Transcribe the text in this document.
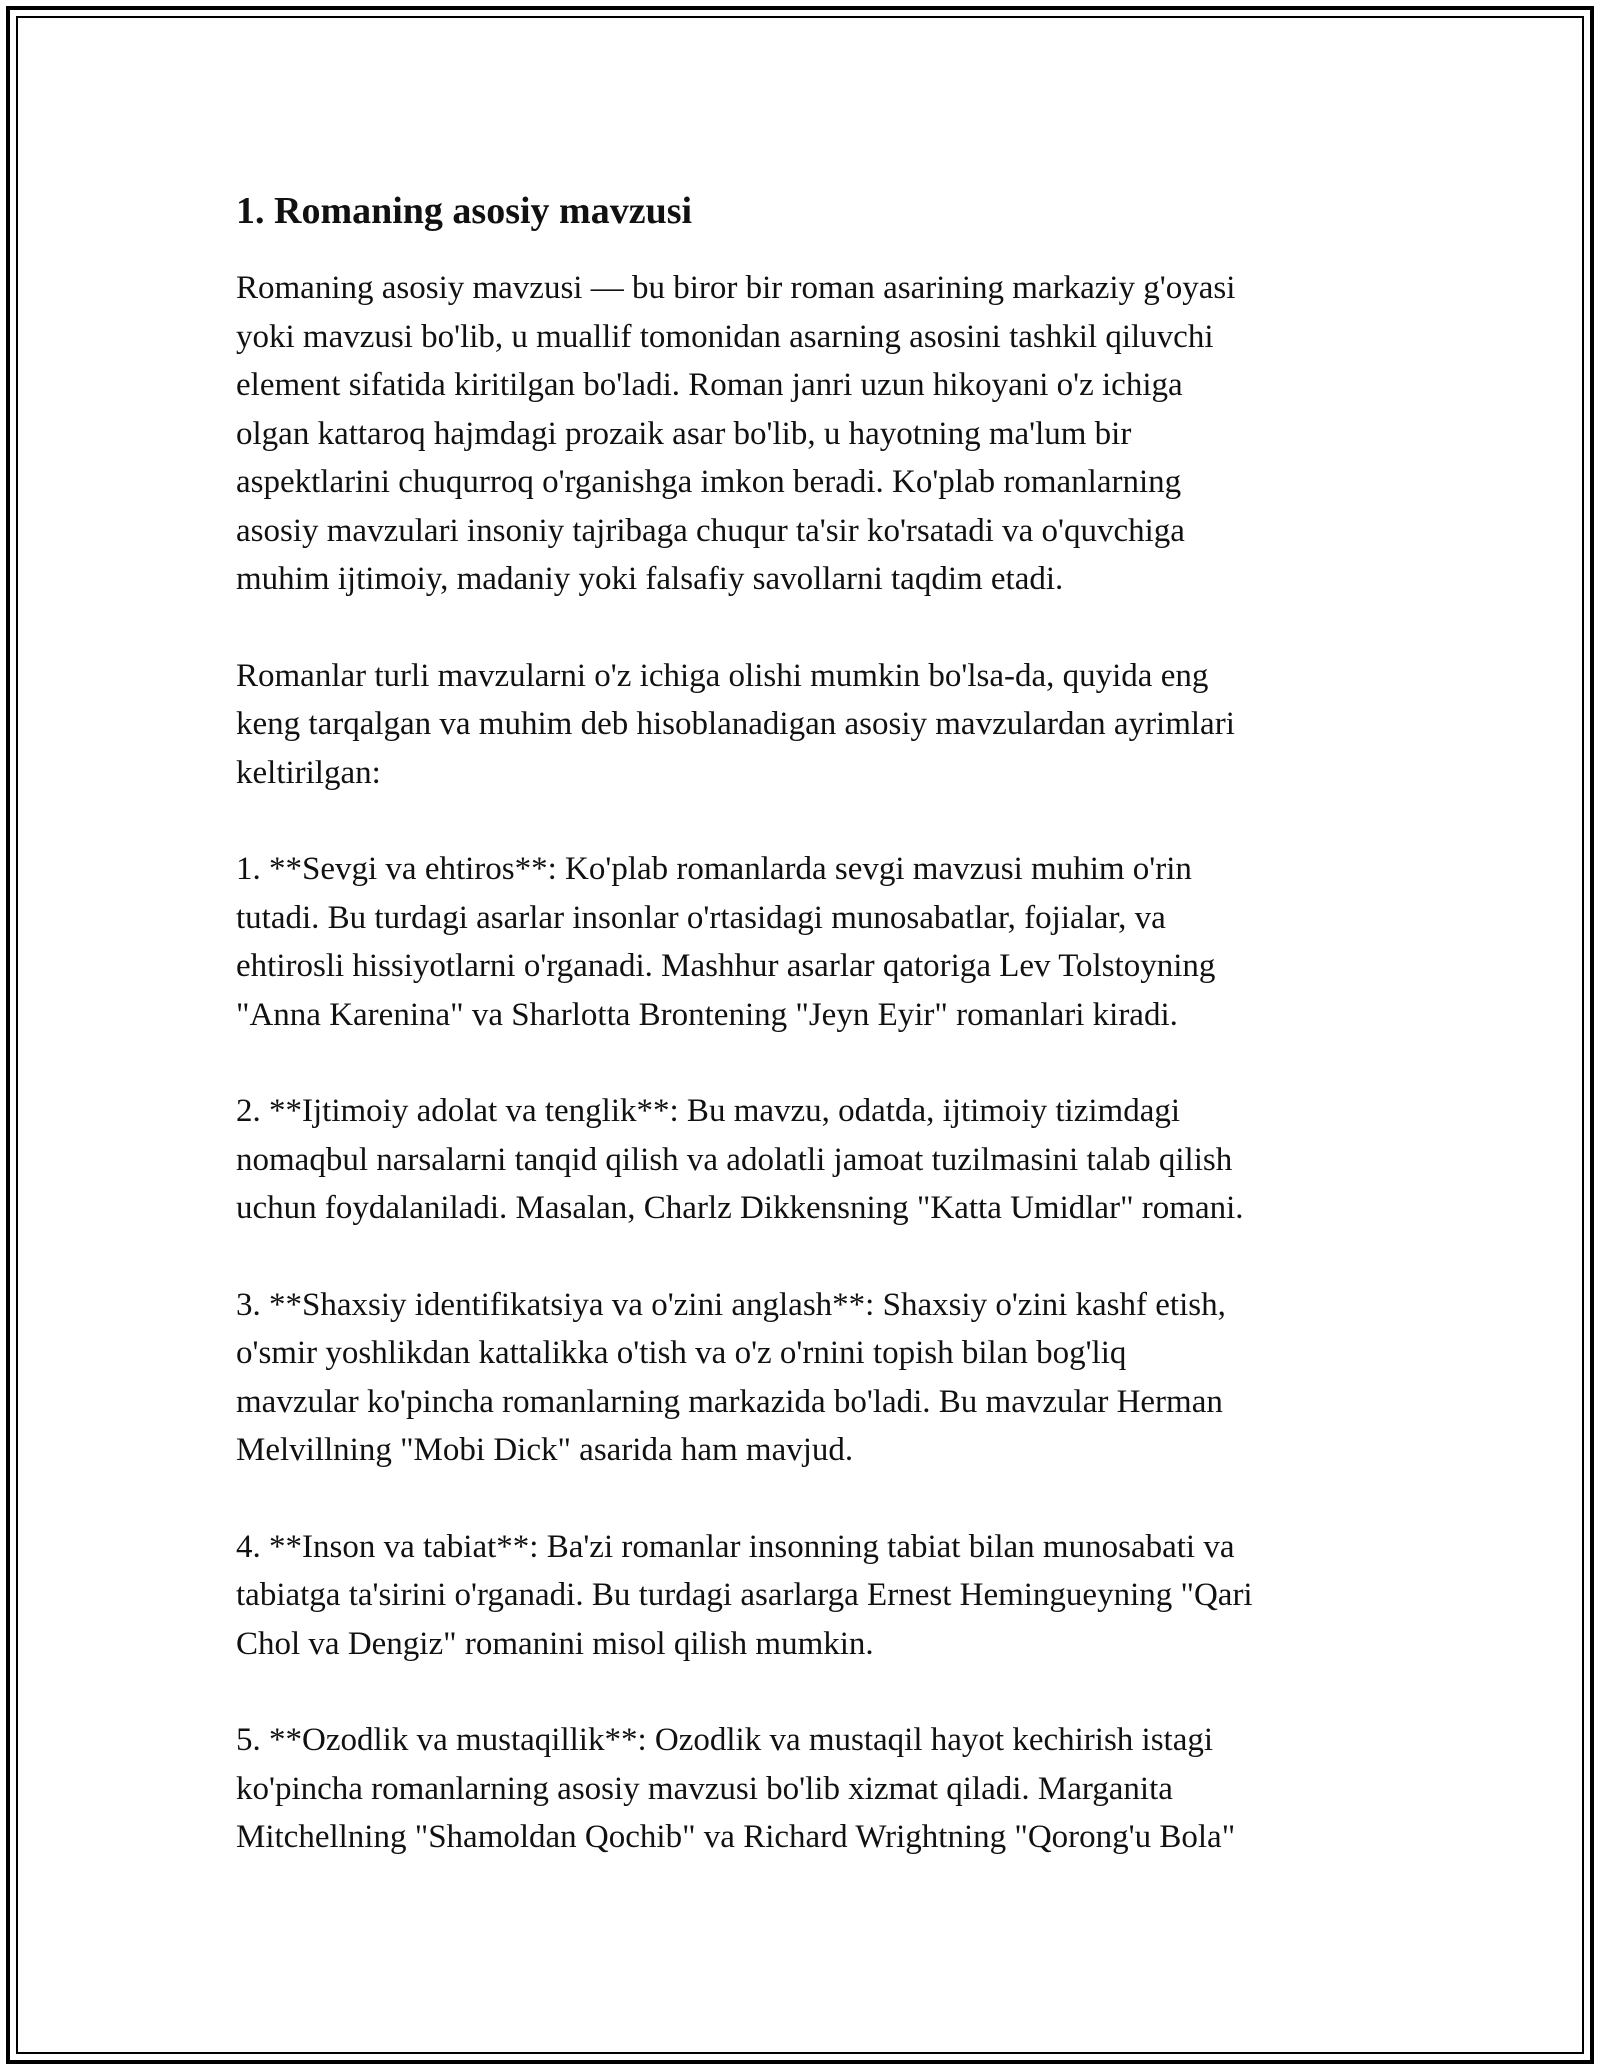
1. Romaning asosiy mavzusi

Romaning asosiy mavzusi — bu biror bir roman asarining markaziy g'oyasi
yoki mavzusi bo'lib, u muallif tomonidan asarning asosini tashkil qiluvchi
element sifatida kiritilgan bo'ladi. Roman janri uzun hikoyani o'z ichiga
olgan kattaroq hajmdagi prozaik asar bo'lib, u hayotning ma'lum bir
aspektlarini chuqurroq o'rganishga imkon beradi. Ko'plab romanlarning
asosiy mavzulari insoniy tajribaga chuqur ta'sir ko'rsatadi va o'quvchiga
muhim ijtimoiy, madaniy yoki falsafiy savollarni taqdim etadi.

Romanlar turli mavzularni o'z ichiga olishi mumkin bo'lsa-da, quyida eng
keng tarqalgan va muhim deb hisoblanadigan asosiy mavzulardan ayrimlari
keltirilgan:

1. **Sevgi va ehtiros**: Ko'plab romanlarda sevgi mavzusi muhim o'rin
tutadi. Bu turdagi asarlar insonlar o'rtasidagi munosabatlar, fojialar, va
ehtirosli hissiyotlarni o'rganadi. Mashhur asarlar qatoriga Lev Tolstoyning
"Anna Karenina" va Sharlotta Brontening "Jeyn Eyir" romanlari kiradi.

2. **Ijtimoiy adolat va tenglik**: Bu mavzu, odatda, ijtimoiy tizimdagi
nomaqbul narsalarni tanqid qilish va adolatli jamoat tuzilmasini talab qilish
uchun foydalaniladi. Masalan, Charlz Dikkensning "Katta Umidlar" romani.

3. **Shaxsiy identifikatsiya va o'zini anglash**: Shaxsiy o'zini kashf etish,
o'smir yoshlikdan kattalikka o'tish va o'z o'rnini topish bilan bog'liq
mavzular ko'pincha romanlarning markazida bo'ladi. Bu mavzular Herman
Melvillning "Mobi Dick" asarida ham mavjud.

4. **Inson va tabiat**: Ba'zi romanlar insonning tabiat bilan munosabati va
tabiatga ta'sirini o'rganadi. Bu turdagi asarlarga Ernest Hemingueyning "Qari
Chol va Dengiz" romanini misol qilish mumkin.

5. **Ozodlik va mustaqillik**: Ozodlik va mustaqil hayot kechirish istagi
ko'pincha romanlarning asosiy mavzusi bo'lib xizmat qiladi. Marganita
Mitchellning "Shamoldan Qochib" va Richard Wrightning "Qorong'u Bola"
